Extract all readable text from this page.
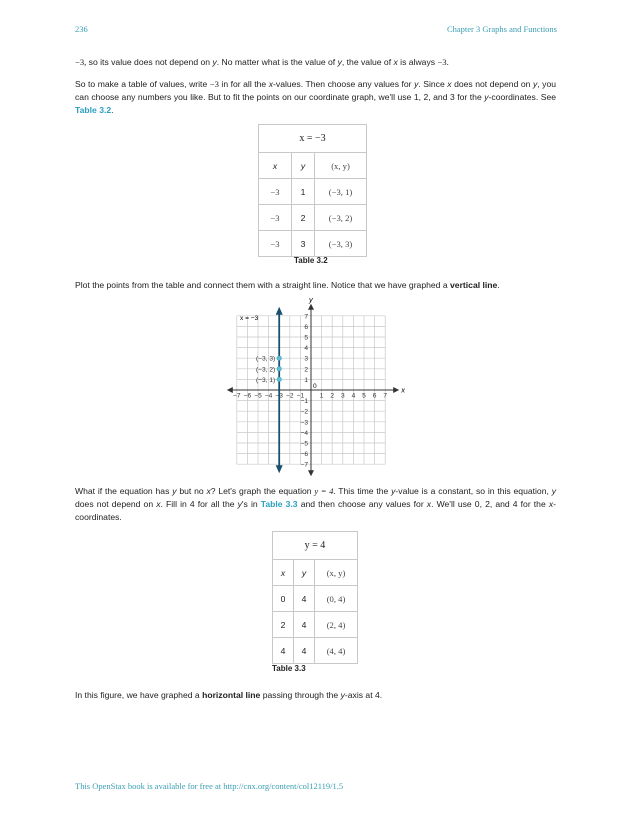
236	Chapter 3 Graphs and Functions
−3, so its value does not depend on y. No matter what is the value of y, the value of x is always −3.
So to make a table of values, write −3 in for all the x-values. Then choose any values for y. Since x does not depend on y, you can choose any numbers you like. But to fit the points on our coordinate graph, we'll use 1, 2, and 3 for the y-coordinates. See Table 3.2.
x = −3		
x	y	(x, y)
−3	1	(−3, 1)
−3	2	(−3, 2)
−3	3	(−3, 3)
Table 3.2
Plot the points from the table and connect them with a straight line. Notice that we have graphed a vertical line.
−7 −6 −5 −4 −3 −2 −1 1 2 3 4 5 6 7
7
6
5
4
3
2
1
−1
−2
−3
−4
−5
−6
−7
(−3, 3)
(−3, 2)
(−3, 1)
x
y
x = −3
0
What if the equation has y but no x? Let's graph the equation y = 4. This time the y-value is a constant, so in this equation, y does not depend on x. Fill in 4 for all the y's in Table 3.3 and then choose any values for x. We'll use 0, 2, and 4 for the x-coordinates.
y = 4		
x	y	(x, y)
0	4	(0, 4)
2	4	(2, 4)
4	4	(4, 4)
Table 3.3
In this figure, we have graphed a horizontal line passing through the y-axis at 4.
This OpenStax book is available for free at http://cnx.org/content/col12119/1.5
